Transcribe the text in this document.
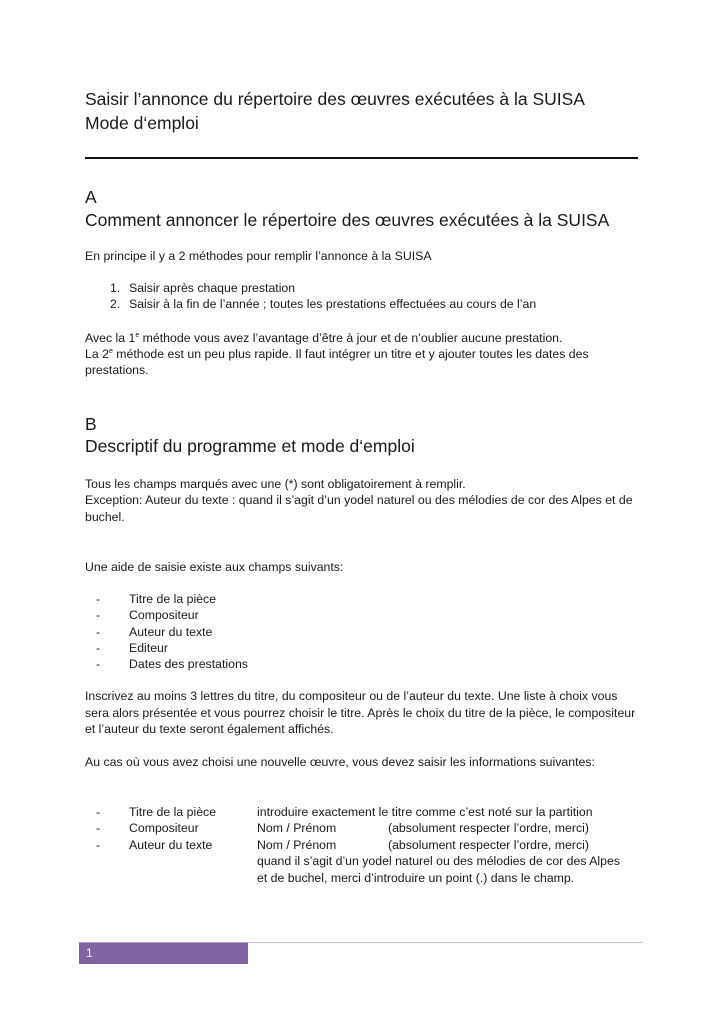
Saisir l’annonce du répertoire des œuvres exécutées à la SUISA
Mode d‘emploi
A
Comment annoncer le répertoire des œuvres exécutées à la SUISA
En principe il y a 2 méthodes pour remplir l’annonce à la SUISA
1. Saisir après chaque prestation
2. Saisir à la fin de l’année ; toutes les prestations effectuées au cours de l’an
Avec la 1e méthode vous avez l’avantage d’être à jour et de n’oublier aucune prestation.
La 2e méthode est un peu plus rapide. Il faut intégrer un titre et y ajouter toutes les dates des
prestations.
B
Descriptif du programme et mode d‘emploi
Tous les champs marqués avec une (*) sont obligatoirement à remplir.
Exception: Auteur du texte : quand il s’agit d’un yodel naturel ou des mélodies de cor des Alpes et de
buchel.
Une aide de saisie existe aux champs suivants:
- Titre de la pièce
- Compositeur
- Auteur du texte
- Editeur
- Dates des prestations
Inscrivez au moins 3 lettres du titre, du compositeur ou de l’auteur du texte. Une liste à choix vous
sera alors présentée et vous pourrez choisir le titre. Après le choix du titre de la pièce, le compositeur
et l’auteur du texte seront également affichés.
Au cas où vous avez choisi une nouvelle œuvre, vous devez saisir les informations suivantes:
- Titre de la pièce	introduire exactement le titre comme c’est noté sur la partition
- Compositeur	Nom / Prénom	(absolument respecter l’ordre, merci)
- Auteur du texte	Nom / Prénom	(absolument respecter l’ordre, merci)
quand il s’agit d’un yodel naturel ou des mélodies de cor des Alpes
et de buchel, merci d’introduire un point (.) dans le champ.
1
